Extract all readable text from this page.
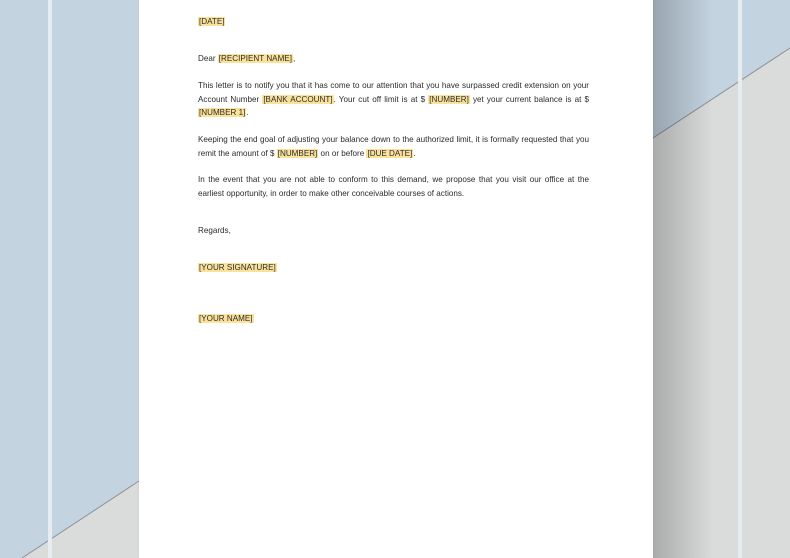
[DATE]

Dear [RECIPIENT NAME],

This letter is to notify you that it has come to our attention that you have surpassed credit extension on your Account Number [BANK ACCOUNT]. Your cut off limit is at $ [NUMBER] yet your current balance is at $ [NUMBER 1].

Keeping the end goal of adjusting your balance down to the authorized limit, it is formally requested that you remit the amount of $ [NUMBER] on or before [DUE DATE].

In the event that you are not able to conform to this demand, we propose that you visit our office at the earliest opportunity, in order to make other conceivable courses of actions.

Regards,

[YOUR SIGNATURE]

[YOUR NAME]
